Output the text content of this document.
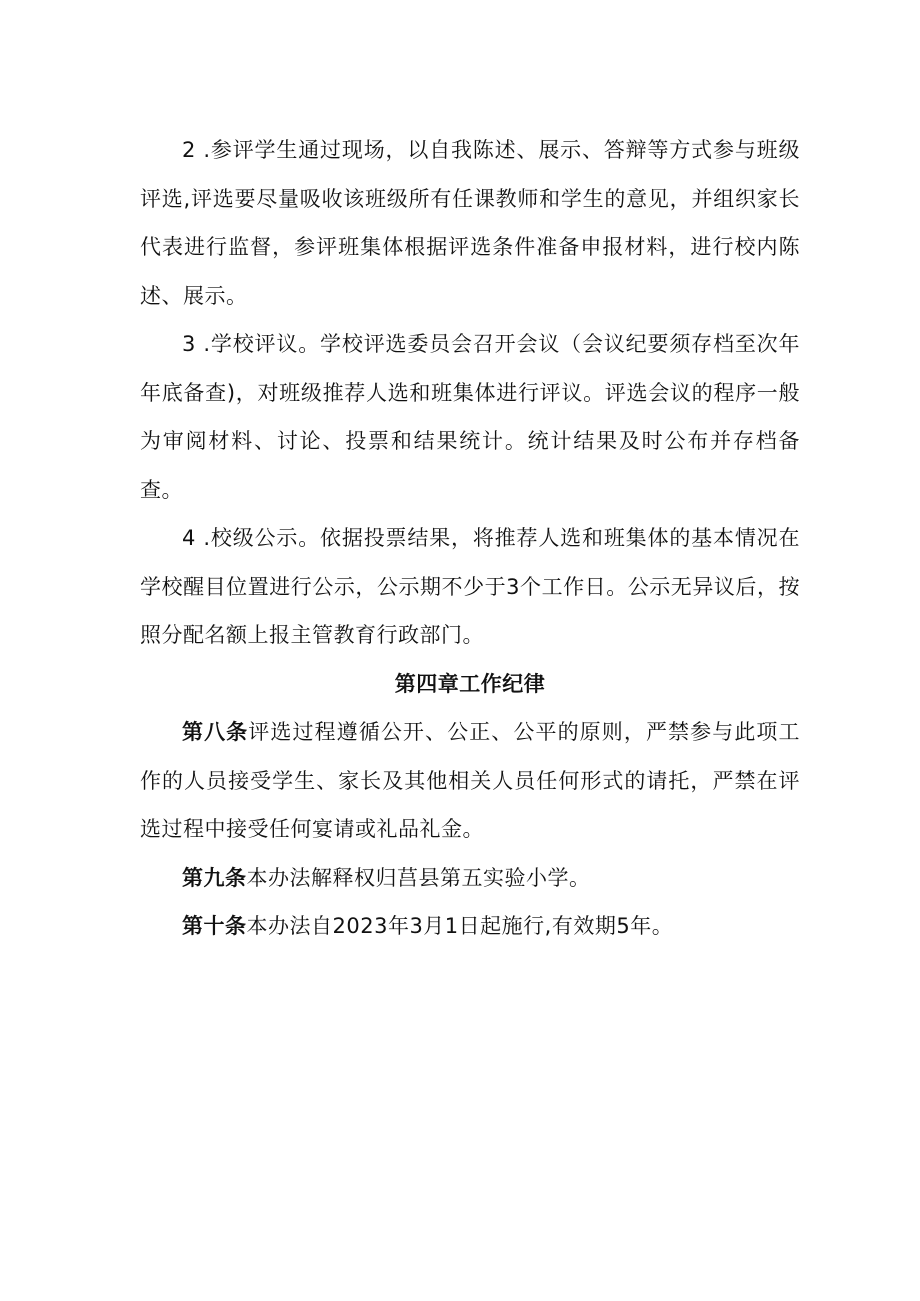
2 .参评学生通过现场，以自我陈述、展示、答辩等方式参与班级评选,评选要尽量吸收该班级所有任课教师和学生的意见，并组织家长代表进行监督，参评班集体根据评选条件准备申报材料，进行校内陈述、展示。

3 .学校评议。学校评选委员会召开会议（会议纪要须存档至次年年底备查)，对班级推荐人选和班集体进行评议。评选会议的程序一般为审阅材料、讨论、投票和结果统计。统计结果及时公布并存档备查。

4 .校级公示。依据投票结果，将推荐人选和班集体的基本情况在学校醒目位置进行公示，公示期不少于3个工作日。公示无异议后，按照分配名额上报主管教育行政部门。

第四章工作纪律

第八条评选过程遵循公开、公正、公平的原则，严禁参与此项工作的人员接受学生、家长及其他相关人员任何形式的请托，严禁在评选过程中接受任何宴请或礼品礼金。

第九条本办法解释权归莒县第五实验小学。

第十条本办法自2023年3月1日起施行,有效期5年。
